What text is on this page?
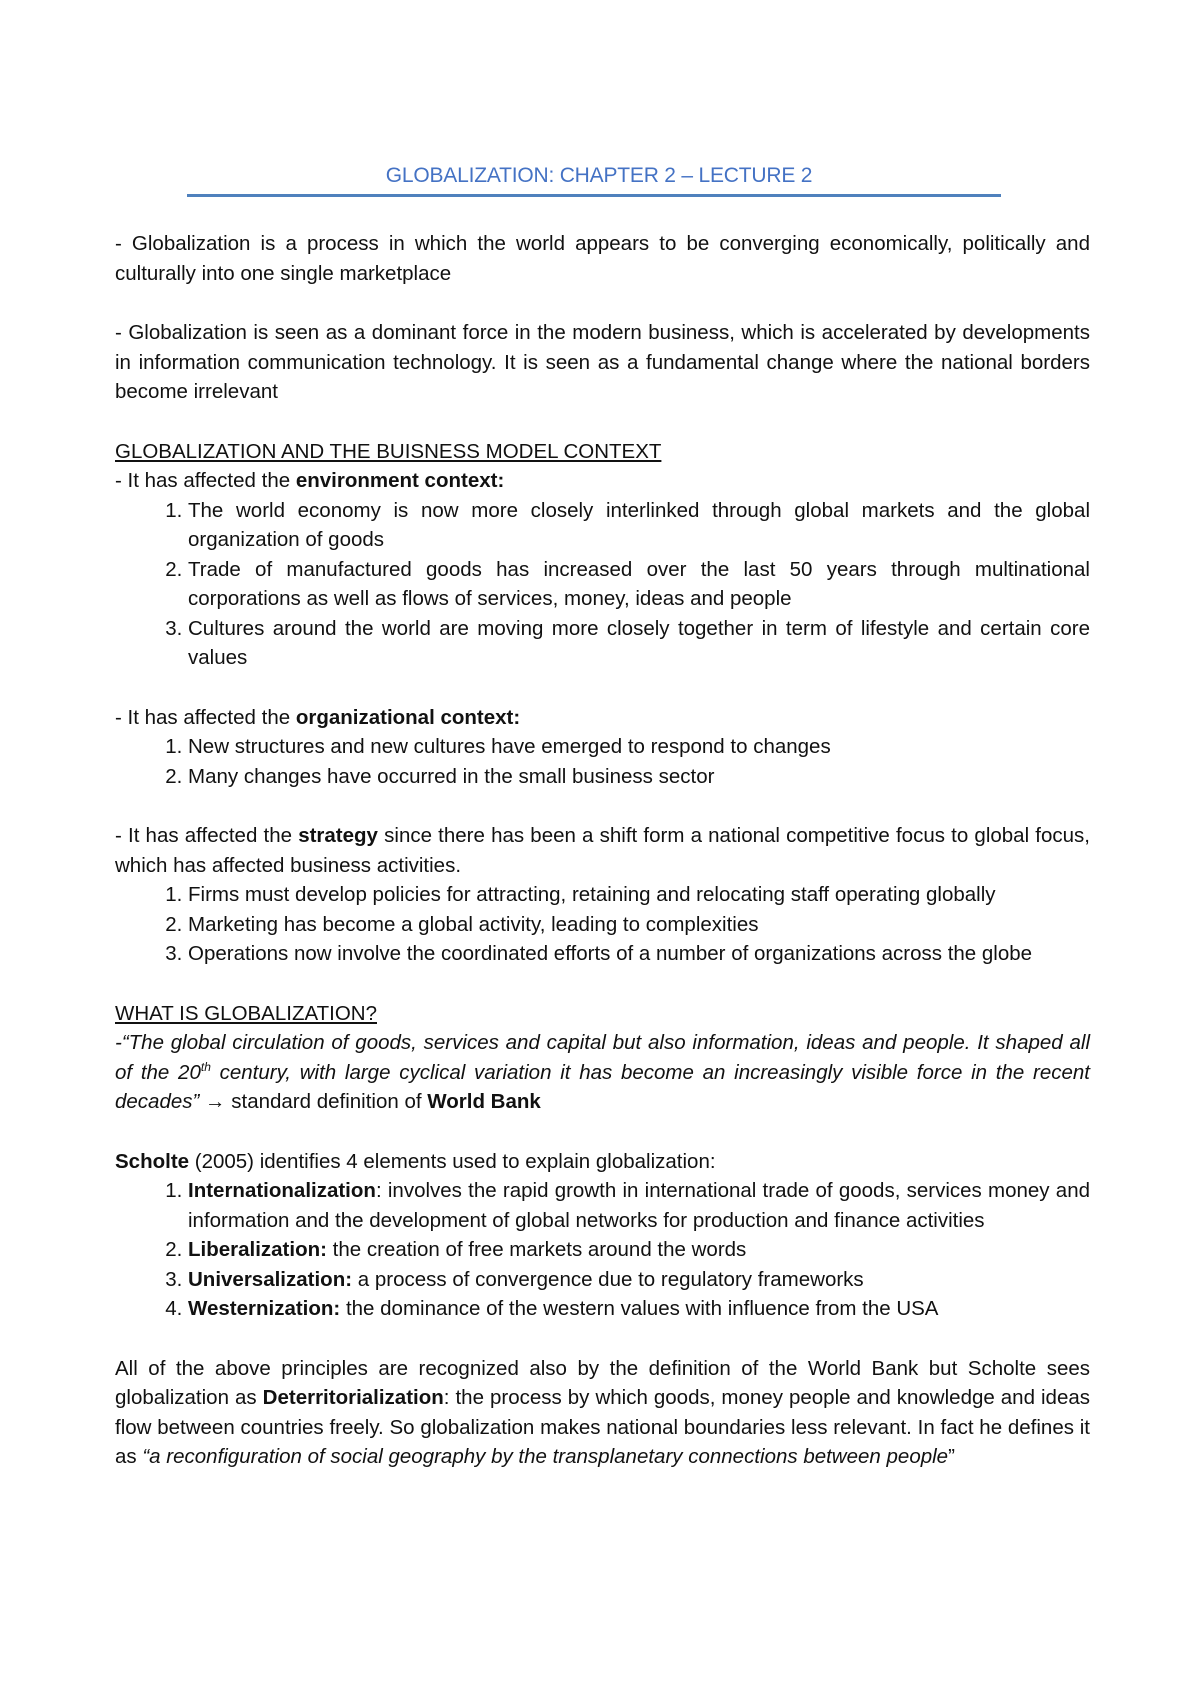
GLOBALIZATION: CHAPTER 2 – LECTURE 2

- Globalization is a process in which the world appears to be converging economically, politically and culturally into one single marketplace

- Globalization is seen as a dominant force in the modern business, which is accelerated by developments in information communication technology. It is seen as a fundamental change where the national borders become irrelevant

GLOBALIZATION AND THE BUISNESS MODEL CONTEXT

- It has affected the environment context:

1. The world economy is now more closely interlinked through global markets and the global organization of goods
2. Trade of manufactured goods has increased over the last 50 years through multinational corporations as well as flows of services, money, ideas and people
3. Cultures around the world are moving more closely together in term of lifestyle and certain core values

- It has affected the organizational context:

1. New structures and new cultures have emerged to respond to changes
2. Many changes have occurred in the small business sector

- It has affected the strategy since there has been a shift form a national competitive focus to global focus, which has affected business activities.

1. Firms must develop policies for attracting, retaining and relocating staff operating globally
2. Marketing has become a global activity, leading to complexities
3. Operations now involve the coordinated efforts of a number of organizations across the globe

WHAT IS GLOBALIZATION?

-“The global circulation of goods, services and capital but also information, ideas and people. It shaped all of the 20th century, with large cyclical variation it has become an increasingly visible force in the recent decades” → standard definition of World Bank

Scholte (2005) identifies 4 elements used to explain globalization:

1. Internationalization: involves the rapid growth in international trade of goods, services money and information and the development of global networks for production and finance activities
2. Liberalization: the creation of free markets around the words
3. Universalization: a process of convergence due to regulatory frameworks
4. Westernization: the dominance of the western values with influence from the USA

All of the above principles are recognized also by the definition of the World Bank but Scholte sees globalization as Deterritorialization: the process by which goods, money people and knowledge and ideas flow between countries freely. So globalization makes national boundaries less relevant. In fact he defines it as “a reconfiguration of social geography by the transplanetary connections between people”
